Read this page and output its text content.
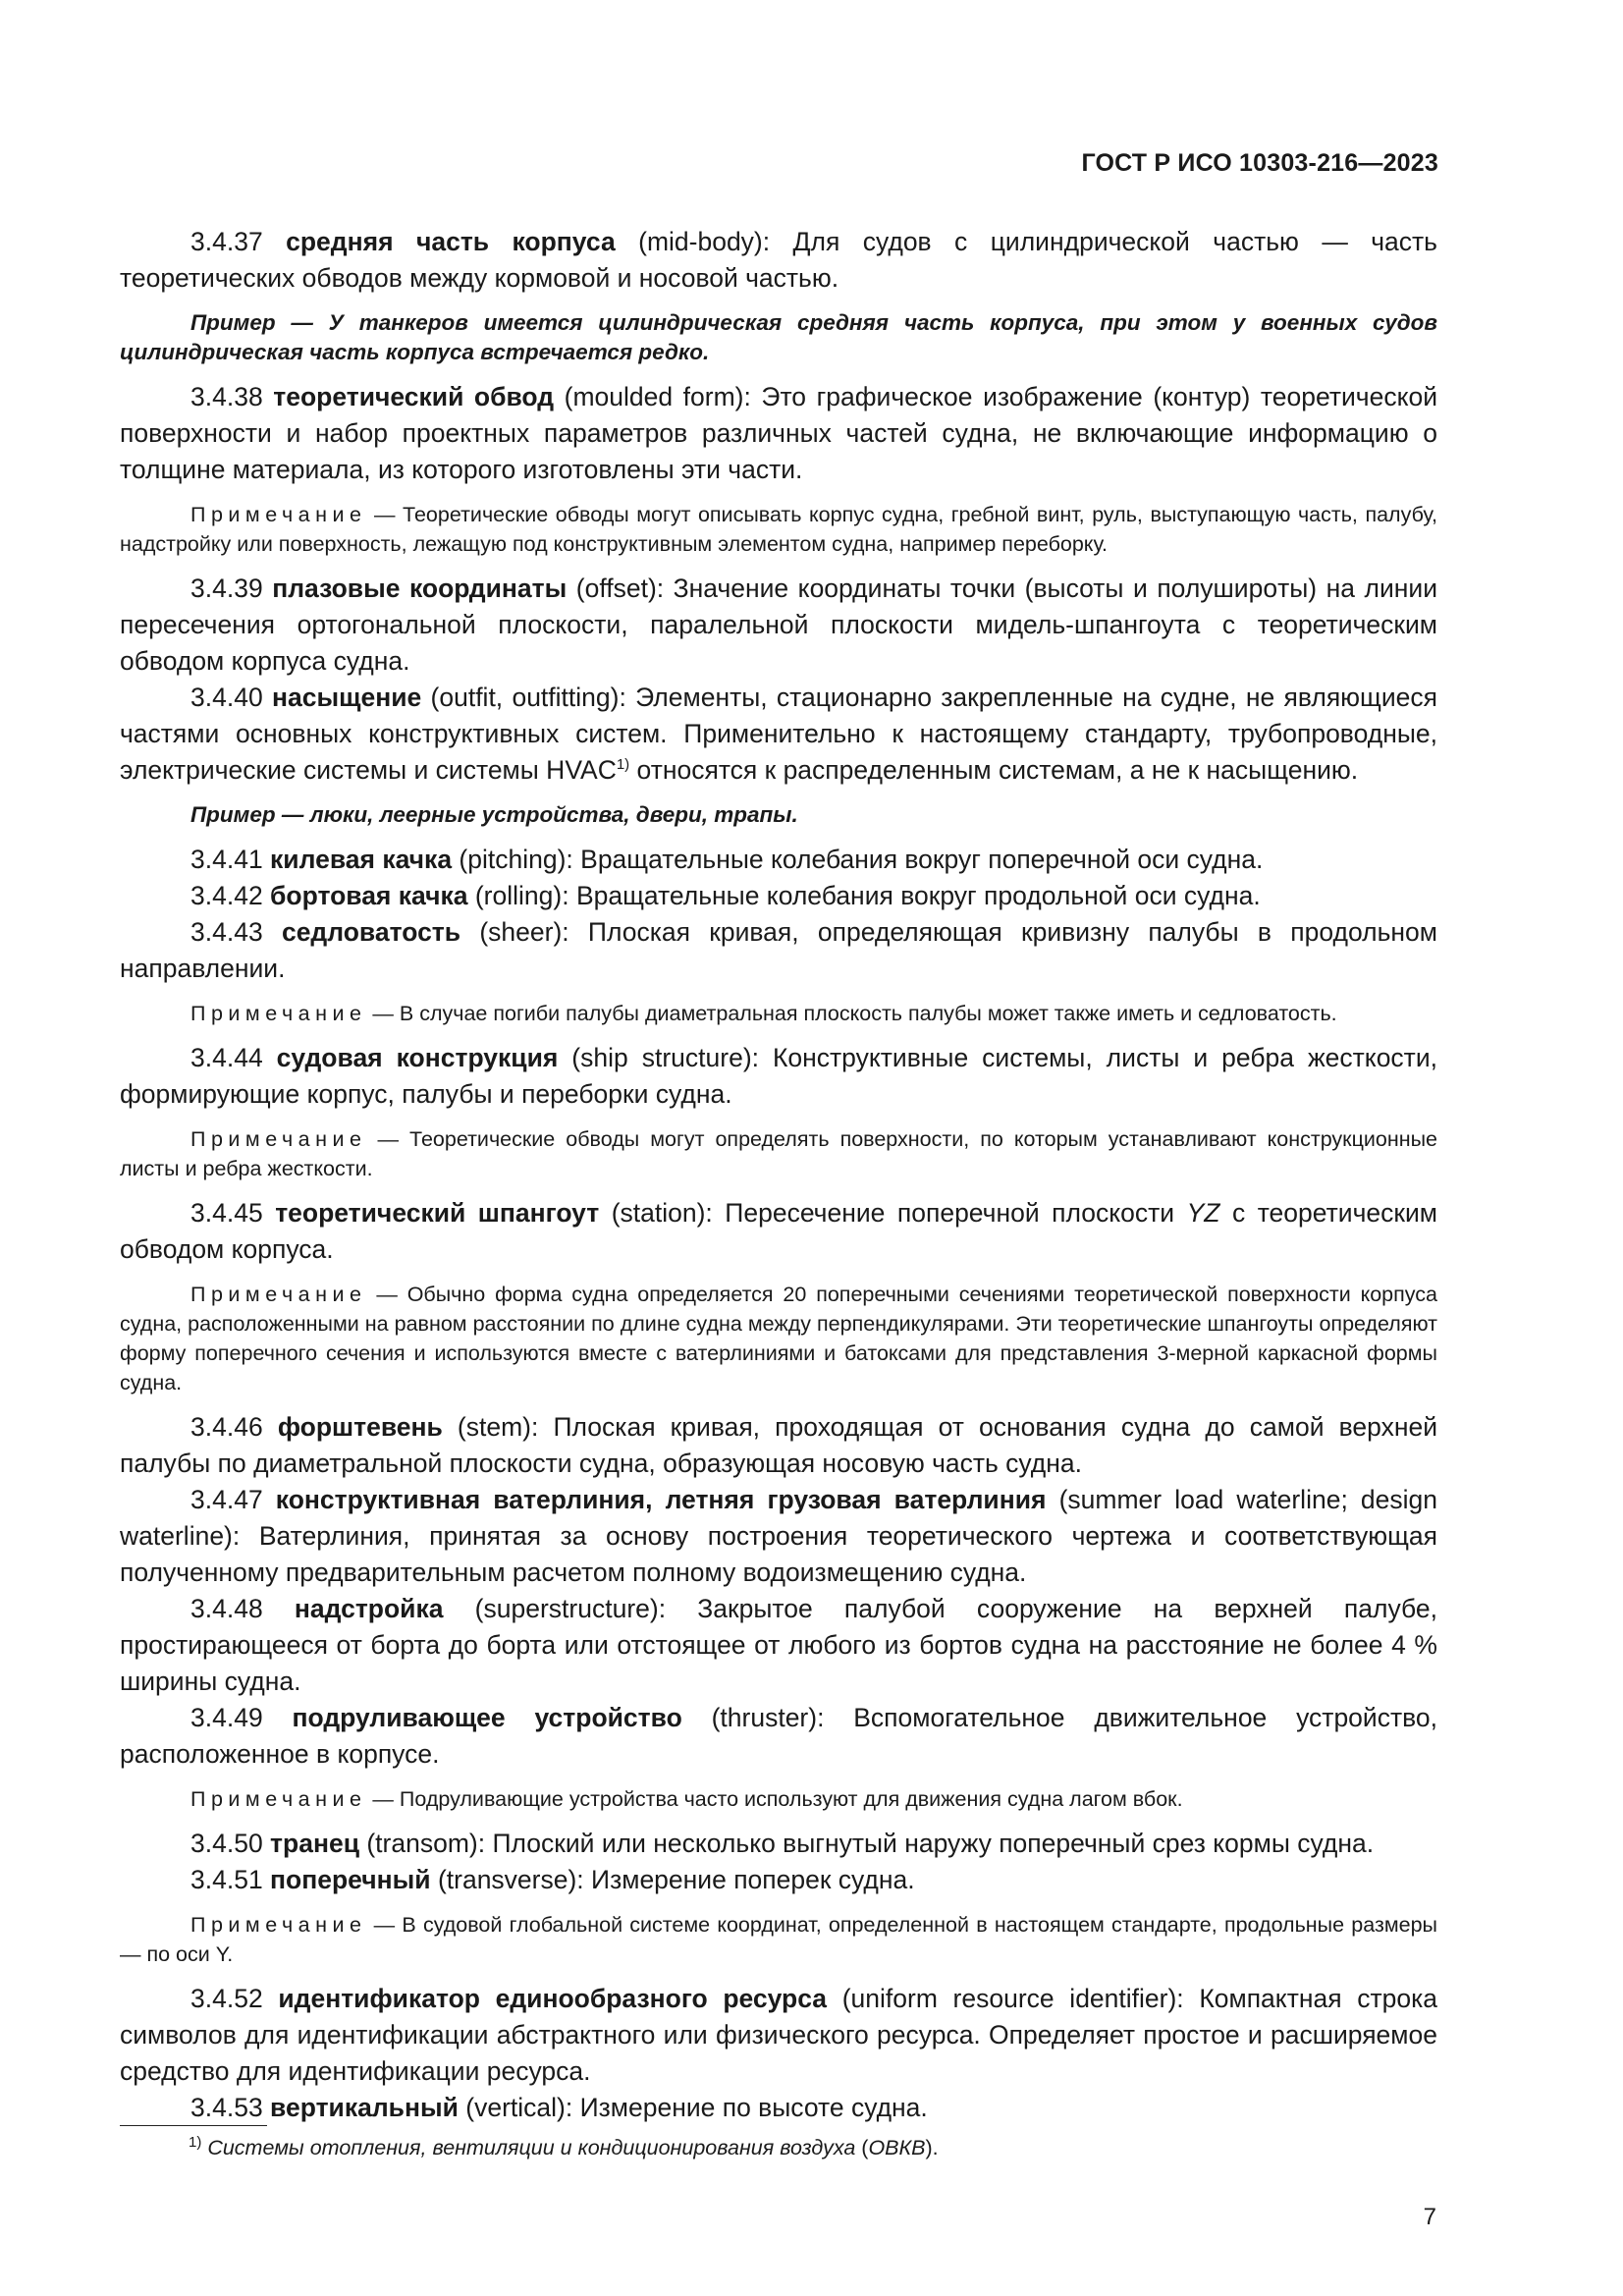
ГОСТ Р ИСО 10303-216—2023

3.4.37 средняя часть корпуса (mid-body): Для судов с цилиндрической частью — часть теоретических обводов между кормовой и носовой частью.

Пример — У танкеров имеется цилиндрическая средняя часть корпуса, при этом у военных судов цилиндрическая часть корпуса встречается редко.

3.4.38 теоретический обвод (moulded form): Это графическое изображение (контур) теоретической поверхности и набор проектных параметров различных частей судна, не включающие информацию о толщине материала, из которого изготовлены эти части.

Примечание — Теоретические обводы могут описывать корпус судна, гребной винт, руль, выступающую часть, палубу, надстройку или поверхность, лежащую под конструктивным элементом судна, например переборку.

3.4.39 плазовые координаты (offset): Значение координаты точки (высоты и полуширoты) на линии пересечения ортогональной плоскости, паралельной плоскости мидель-шпангоута с теоретическим обводом корпуса судна.

3.4.40 насыщение (outfit, outfitting): Элементы, стационарно закрепленные на судне, не являющиеся частями основных конструктивных систем. Применительно к настоящему стандарту, трубопроводные, электрические системы и системы HVAC$^{1)}$ относятся к распределенным системам, а не к насыщению.

Пример — люки, леерные устройства, двери, трапы.

3.4.41 килевая качка (pitching): Вращательные колебания вокруг поперечной оси судна.

3.4.42 бортовая качка (rolling): Вращательные колебания вокруг продольной оси судна.

3.4.43 седловатость (sheer): Плоская кривая, определяющая кривизну палубы в продольном направлении.

Примечание — В случае погиби палубы диаметральная плоскость палубы может также иметь и седловатость.

3.4.44 судовая конструкция (ship structure): Конструктивные системы, листы и ребра жесткости, формирующие корпус, палубы и переборки судна.

Примечание — Теоретические обводы могут определять поверхности, по которым устанавливают конструкционные листы и ребра жесткости.

3.4.45 теоретический шпангоут (station): Пересечение поперечной плоскости YZ с теоретическим обводом корпуса.

Примечание — Обычно форма судна определяется 20 поперечными сечениями теоретической поверхности корпуса судна, расположенными на равном расстоянии по длине судна между перпендикулярами. Эти теоретические шпангоуты определяют форму поперечного сечения и используются вместе с ватерлиниями и батоксами для представления 3-мерной каркасной формы судна.

3.4.46 форштевень (stem): Плоская кривая, проходящая от основания судна до самой верхней палубы по диаметральной плоскости судна, образующая носовую часть судна.

3.4.47 конструктивная ватерлиния, летняя грузовая ватерлиния (summer load waterline; design waterline): Ватерлиния, принятая за основу построения теоретического чертежа и соответствующая полученному предварительным расчетом полному водоизмещению судна.

3.4.48 надстройка (superstructure): Закрытое палубой сооружение на верхней палубе, простирающееся от борта до борта или отстоящее от любого из бортов судна на расстояние не более 4 % ширины судна.

3.4.49 подруливающее устройство (thruster): Вспомогательное движительное устройство, расположенное в корпусе.

Примечание — Подруливающие устройства часто используют для движения судна лагом вбок.

3.4.50 транец (transom): Плоский или несколько выгнутый наружу поперечный срез кормы судна.

3.4.51 поперечный (transverse): Измерение поперек судна.

Примечание — В судовой глобальной системе координат, определенной в настоящем стандарте, продольные размеры — по оси Y.

3.4.52 идентификатор единообразного ресурса (uniform resource identifier): Компактная строка символов для идентификации абстрактного или физического ресурса. Определяет простое и расширяемое средство для идентификации ресурса.

3.4.53 вертикальный (vertical): Измерение по высоте судна.

$^{1)}$ Системы отопления, вентиляции и кондиционирования воздуха (ОВКВ).
7
